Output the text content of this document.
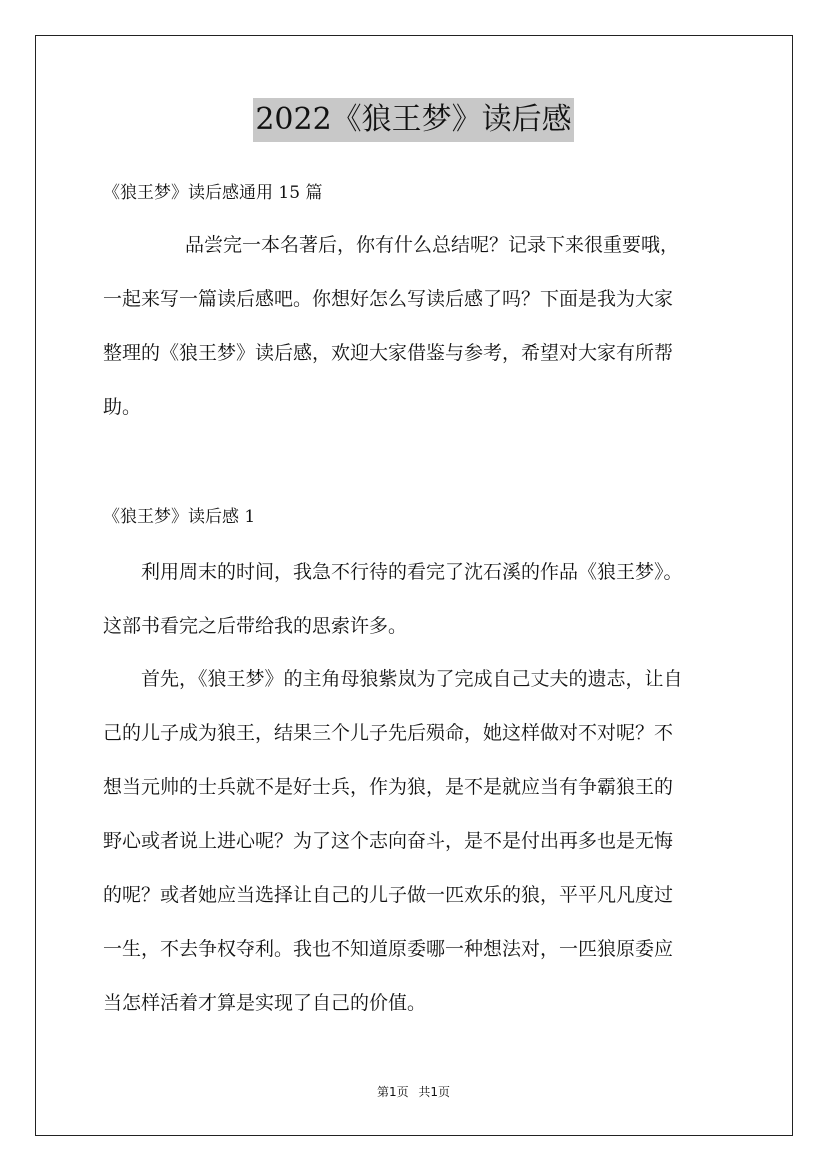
2022《狼王梦》读后感
《狼王梦》读后感通用 15 篇
品尝完一本名著后，你有什么总结呢？记录下来很重要哦，
一起来写一篇读后感吧。你想好怎么写读后感了吗？下面是我为大家
整理的《狼王梦》读后感，欢迎大家借鉴与参考，希望对大家有所帮
助。
《狼王梦》读后感 1
利用周末的时间，我急不行待的看完了沈石溪的作品《狼王梦》。
这部书看完之后带给我的思索许多。
首先，《狼王梦》的主角母狼紫岚为了完成自己丈夫的遗志，让自
己的儿子成为狼王，结果三个儿子先后殒命，她这样做对不对呢？不
想当元帅的士兵就不是好士兵，作为狼，是不是就应当有争霸狼王的
野心或者说上进心呢？为了这个志向奋斗，是不是付出再多也是无悔
的呢？或者她应当选择让自己的儿子做一匹欢乐的狼，平平凡凡度过
一生，不去争权夺利。我也不知道原委哪一种想法对，一匹狼原委应
当怎样活着才算是实现了自己的价值。
第1页 共1页
